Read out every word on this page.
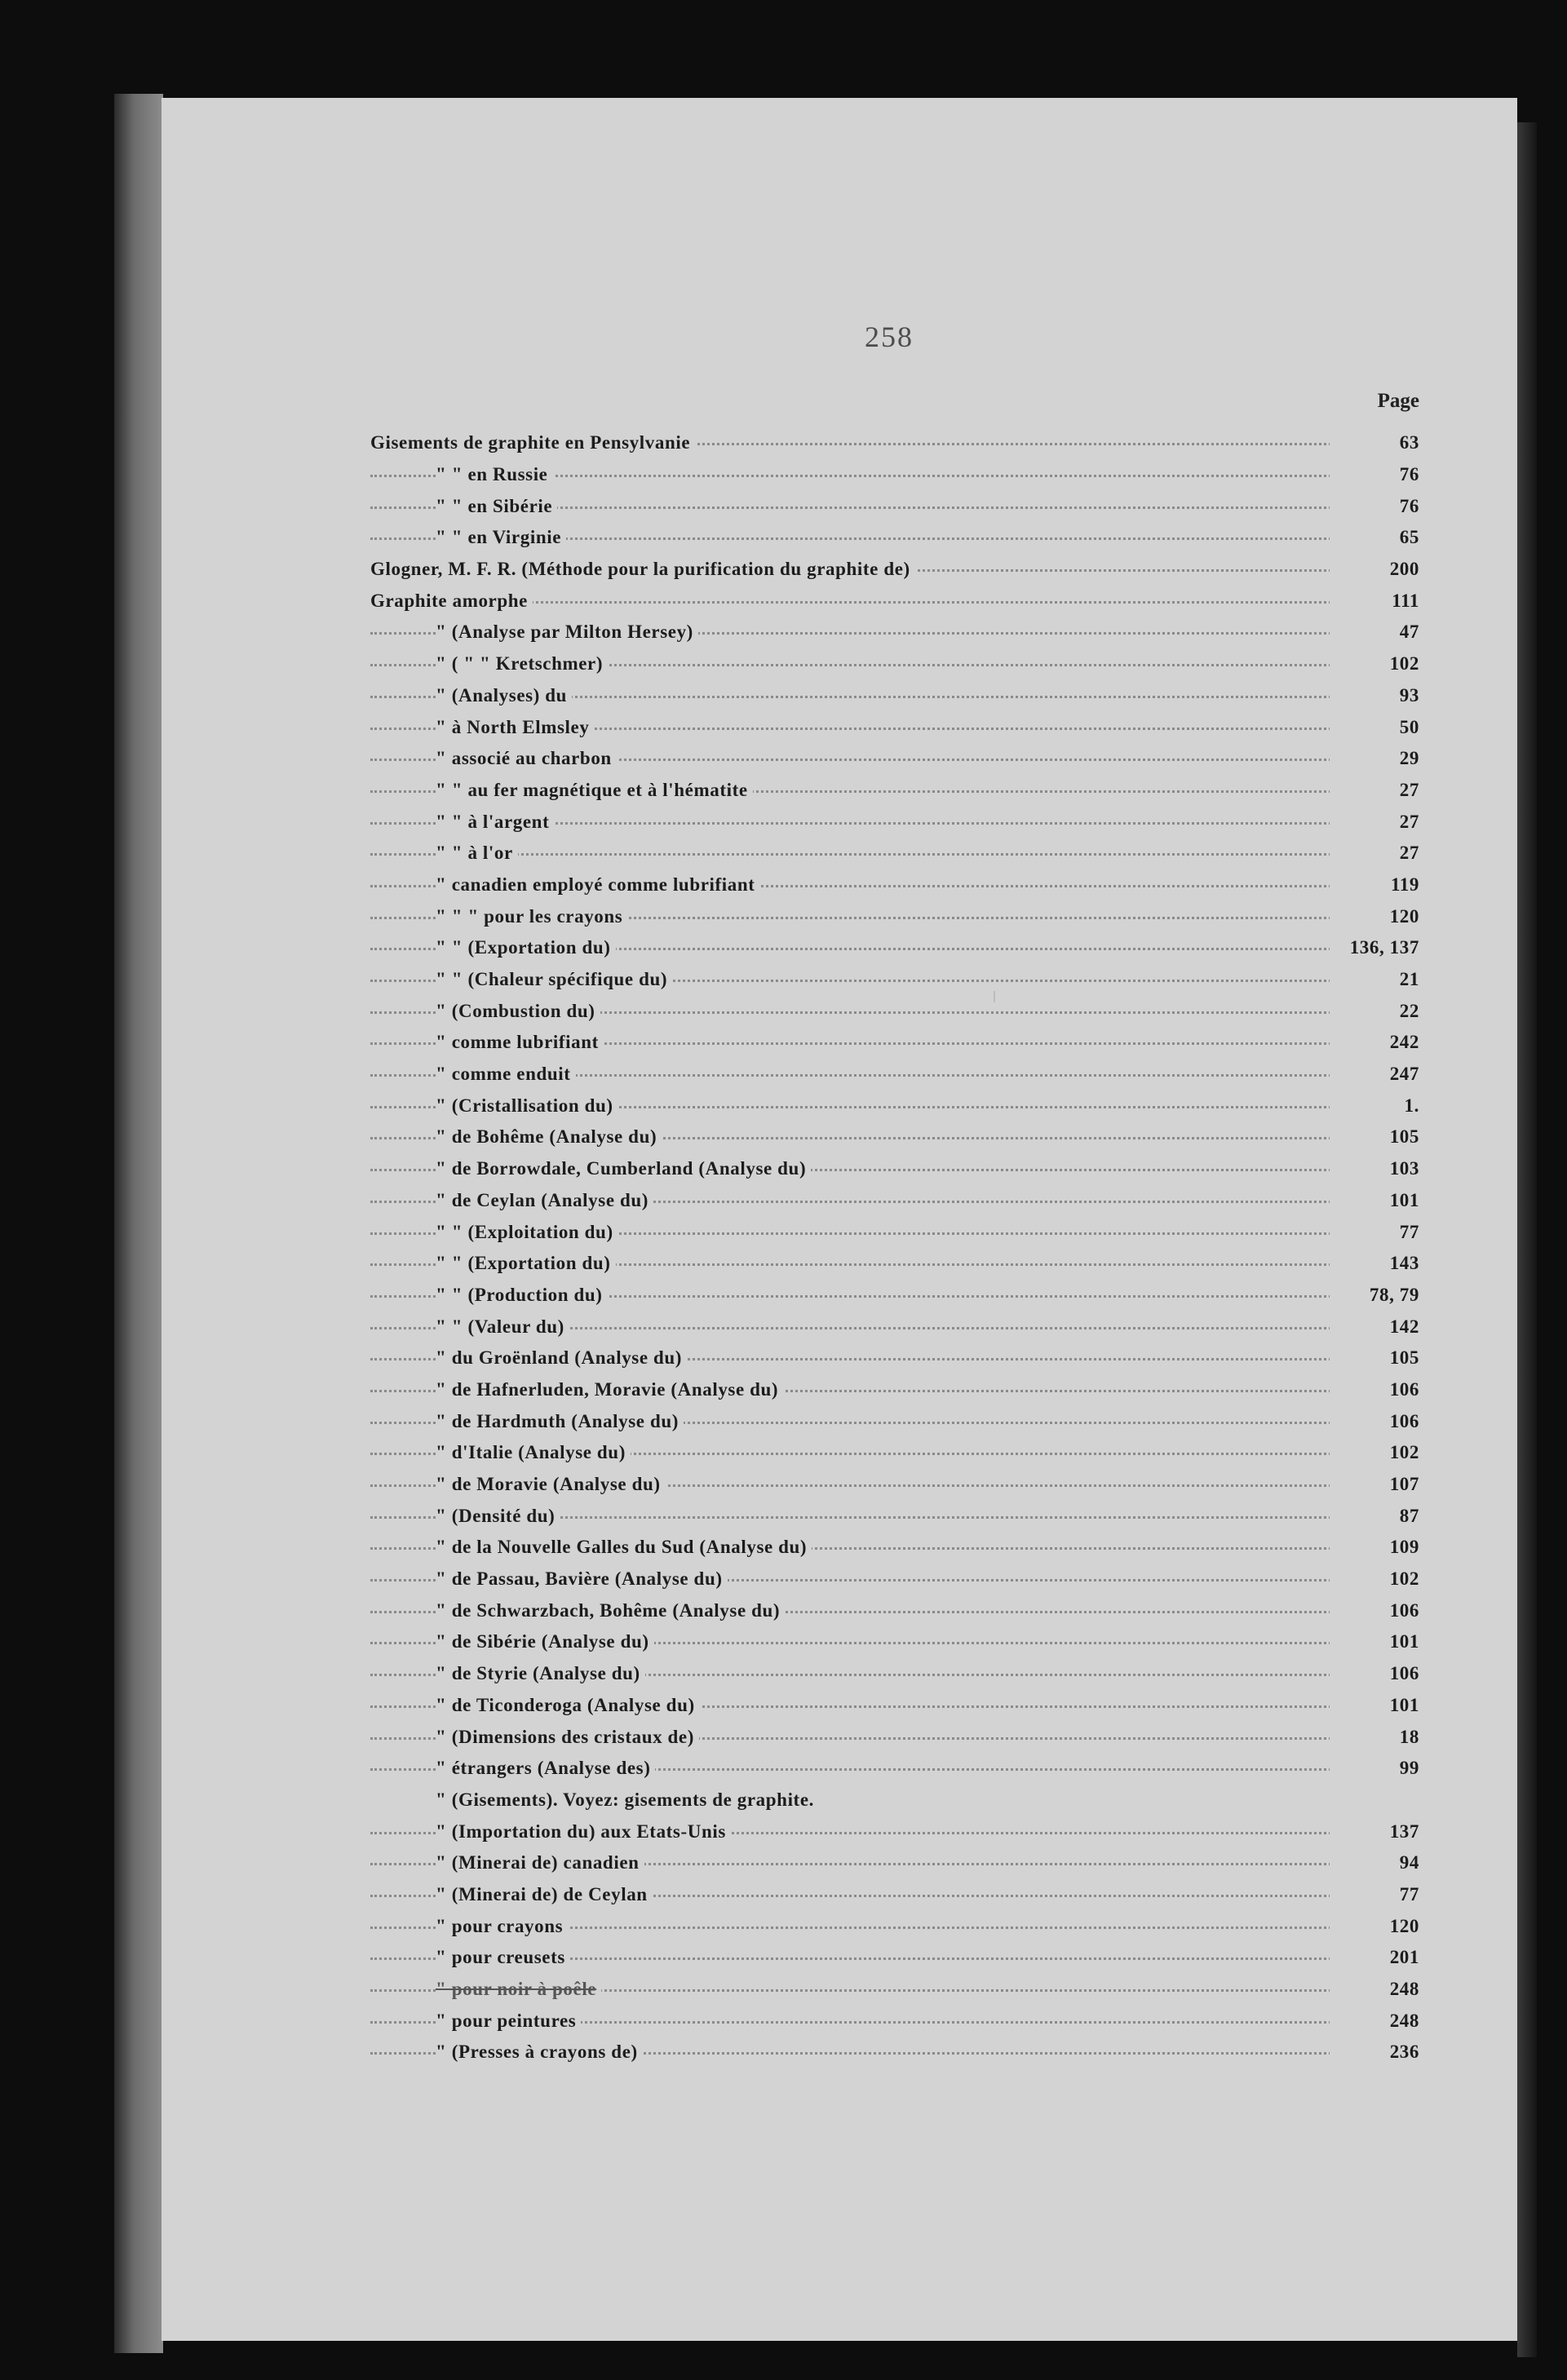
258
Page
Gisements de graphite en Pensylvanie	63
" " en Russie	76
" " en Sibérie	76
" " en Virginie	65
Glogner, M. F. R. (Méthode pour la purification du graphite de)	200
Graphite amorphe	111
" (Analyse par Milton Hersey)	47
" ( " " Kretschmer)	102
" (Analyses) du	93
" à North Elmsley	50
" associé au charbon	29
" " au fer magnétique et à l'hématite	27
" " à l'argent	27
" " à l'or	27
" canadien employé comme lubrifiant	119
" " " pour les crayons	120
" " (Exportation du)	136, 137
" " (Chaleur spécifique du)	21
" (Combustion du)	22
" comme lubrifiant	242
" comme enduit	247
" (Cristallisation du)	1.
" de Bohême (Analyse du)	105
" de Borrowdale, Cumberland (Analyse du)	103
" de Ceylan (Analyse du)	101
" " (Exploitation du)	77
" " (Exportation du)	143
" " (Production du)	78, 79
" " (Valeur du)	142
" du Groënland (Analyse du)	105
" de Hafnerluden, Moravie (Analyse du)	106
" de Hardmuth (Analyse du)	106
" d'Italie (Analyse du)	102
" de Moravie (Analyse du)	107
" (Densité du)	87
" de la Nouvelle Galles du Sud (Analyse du)	109
" de Passau, Bavière (Analyse du)	102
" de Schwarzbach, Bohême (Analyse du)	106
" de Sibérie (Analyse du)	101
" de Styrie (Analyse du)	106
" de Ticonderoga (Analyse du)	101
" (Dimensions des cristaux de)	18
" étrangers (Analyse des)	99
" (Gisements). Voyez: gisements de graphite.
" (Importation du) aux Etats-Unis	137
" (Minerai de) canadien	94
" (Minerai de) de Ceylan	77
" pour crayons	120
" pour creusets	201
" pour noir à poêle	248
" pour peintures	248
" (Presses à crayons de)	236
